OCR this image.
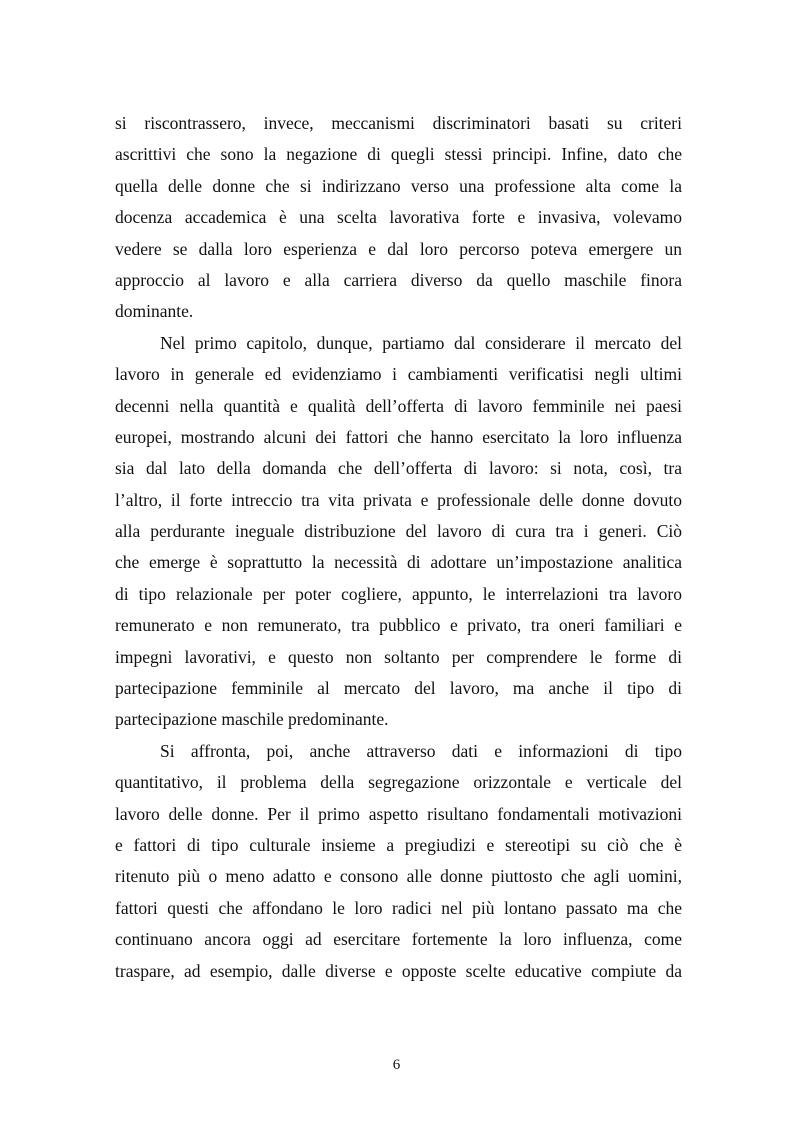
si riscontrassero, invece, meccanismi discriminatori basati su criteri
ascrittivi che sono la negazione di quegli stessi principi. Infine, dato che
quella delle donne che si indirizzano verso una professione alta come la
docenza accademica è una scelta lavorativa forte e invasiva, volevamo
vedere se dalla loro esperienza e dal loro percorso poteva emergere un
approccio al lavoro e alla carriera diverso da quello maschile finora
dominante.
Nel primo capitolo, dunque, partiamo dal considerare il mercato del
lavoro in generale ed evidenziamo i cambiamenti verificatisi negli ultimi
decenni nella quantità e qualità dell’offerta di lavoro femminile nei paesi
europei, mostrando alcuni dei fattori che hanno esercitato la loro influenza
sia dal lato della domanda che dell’offerta di lavoro: si nota, così, tra
l’altro, il forte intreccio tra vita privata e professionale delle donne dovuto
alla perdurante ineguale distribuzione del lavoro di cura tra i generi. Ciò
che emerge è soprattutto la necessità di adottare un’impostazione analitica
di tipo relazionale per poter cogliere, appunto, le interrelazioni tra lavoro
remunerato e non remunerato, tra pubblico e privato, tra oneri familiari e
impegni lavorativi, e questo non soltanto per comprendere le forme di
partecipazione femminile al mercato del lavoro, ma anche il tipo di
partecipazione maschile predominante.
Si affronta, poi, anche attraverso dati e informazioni di tipo
quantitativo, il problema della segregazione orizzontale e verticale del
lavoro delle donne. Per il primo aspetto risultano fondamentali motivazioni
e fattori di tipo culturale insieme a pregiudizi e stereotipi su ciò che è
ritenuto più o meno adatto e consono alle donne piuttosto che agli uomini,
fattori questi che affondano le loro radici nel più lontano passato ma che
continuano ancora oggi ad esercitare fortemente la loro influenza, come
traspare, ad esempio, dalle diverse e opposte scelte educative compiute da
6
